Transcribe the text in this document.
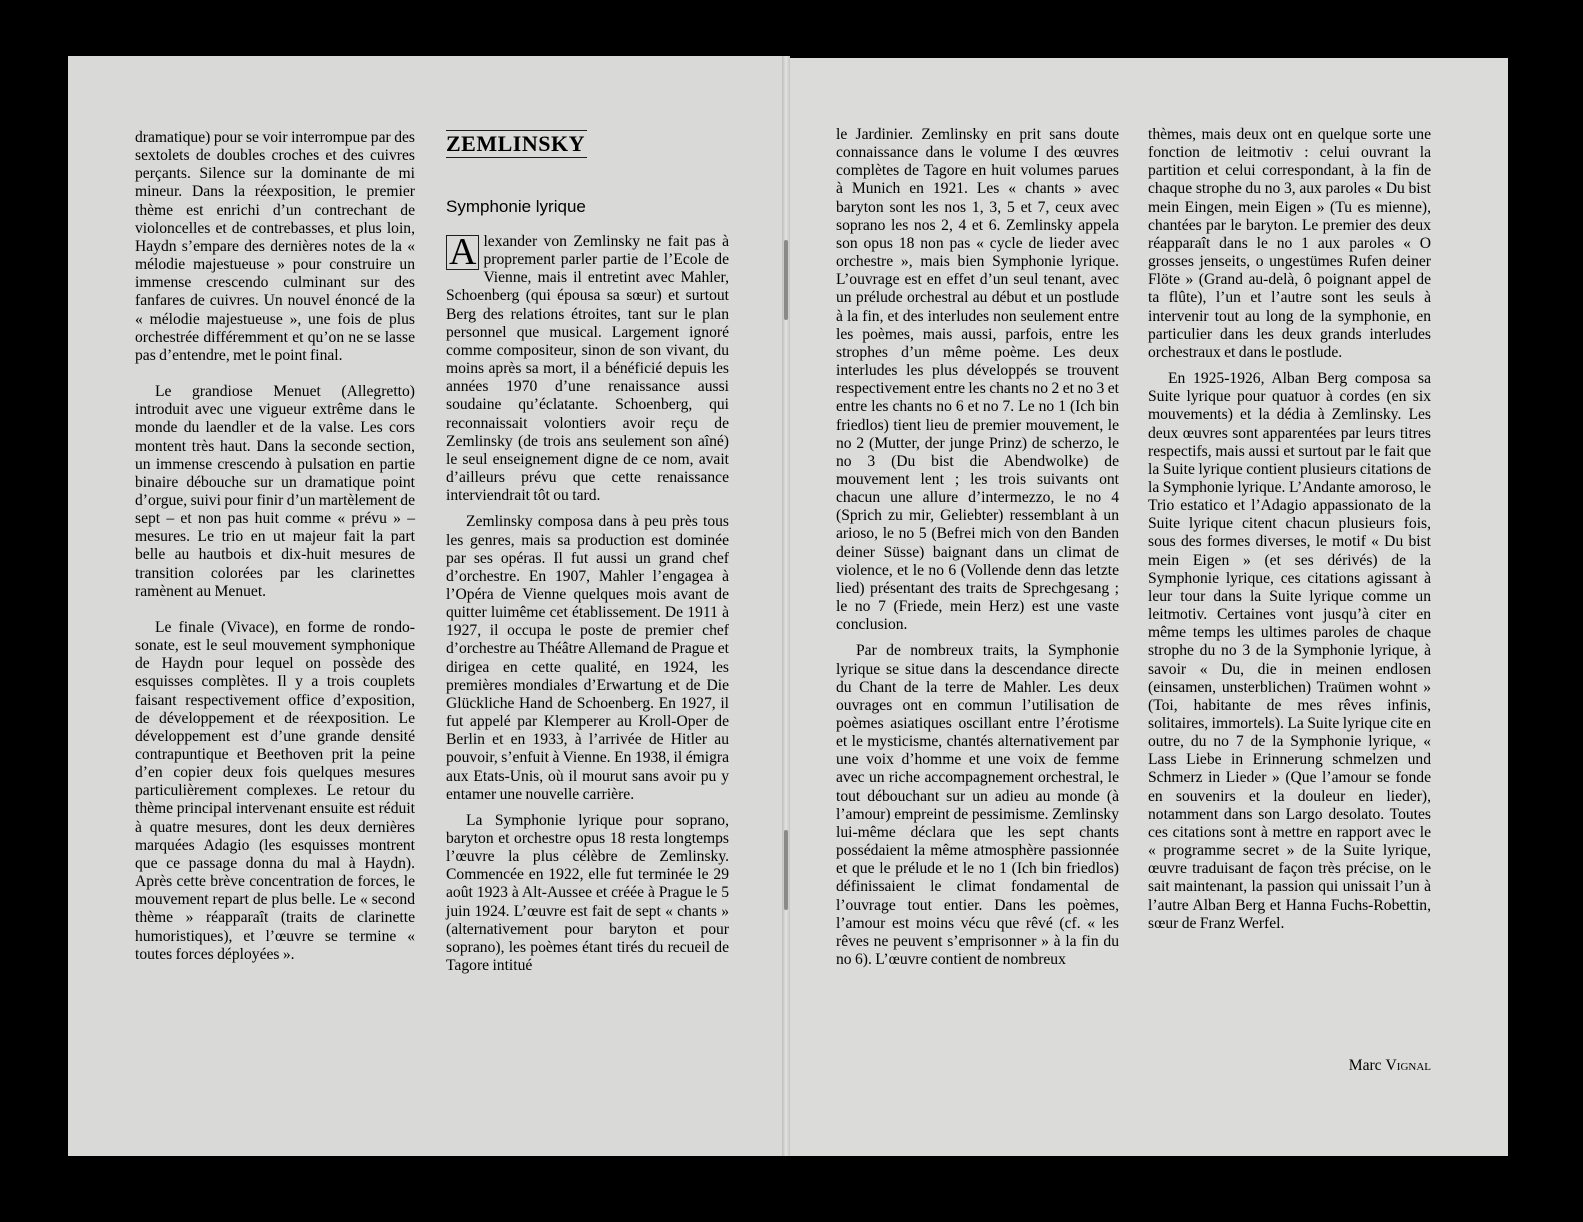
dramatique) pour se voir interrompue par des sextolets de doubles croches et des cuivres perçants. Silence sur la dominante de mi mineur. Dans la réexposition, le premier thème est enrichi d’un contrechant de violoncelles et de contrebasses, et plus loin, Haydn s’empare des dernières notes de la « mélodie majestueuse » pour construire un immense crescendo culminant sur des fanfares de cuivres. Un nouvel énoncé de la « mélodie majestueuse », une fois de plus orchestrée différemment et qu’on ne se lasse pas d’entendre, met le point final.

Le grandiose Menuet (Allegretto) introduit avec une vigueur extrême dans le monde du laendler et de la valse. Les cors montent très haut. Dans la seconde section, un immense crescendo à pulsation en partie binaire débouche sur un dramatique point d’orgue, suivi pour finir d’un martèlement de sept – et non pas huit comme « prévu » – mesures. Le trio en ut majeur fait la part belle au hautbois et dix-huit mesures de transition colorées par les clarinettes ramènent au Menuet.

Le finale (Vivace), en forme de rondo-sonate, est le seul mouvement symphonique de Haydn pour lequel on possède des esquisses complètes. Il y a trois couplets faisant respectivement office d’exposition, de développement et de réexposition. Le développement est d’une grande densité contrapuntique et Beethoven prit la peine d’en copier deux fois quelques mesures particulièrement complexes. Le retour du thème principal intervenant ensuite est réduit à quatre mesures, dont les deux dernières marquées Adagio (les esquisses montrent que ce passage donna du mal à Haydn). Après cette brève concentration de forces, le mouvement repart de plus belle. Le « second thème » réapparaît (traits de clarinette humoristiques), et l’œuvre se termine « toutes forces déployées ».

ZEMLINSKY
Symphonie lyrique

A lexander von Zemlinsky ne fait pas à proprement parler partie de l’Ecole de Vienne, mais il entretint avec Mahler, Schoenberg (qui épousa sa sœur) et surtout Berg des relations étroites, tant sur le plan personnel que musical. Largement ignoré comme compositeur, sinon de son vivant, du moins après sa mort, il a bénéficié depuis les années 1970 d’une renaissance aussi soudaine qu’éclatante. Schoenberg, qui reconnaissait volontiers avoir reçu de Zemlinsky (de trois ans seulement son aîné) le seul enseignement digne de ce nom, avait d’ailleurs prévu que cette renaissance interviendrait tôt ou tard.

Zemlinsky composa dans à peu près tous les genres, mais sa production est dominée par ses opéras. Il fut aussi un grand chef d’orchestre. En 1907, Mahler l’engagea à l’Opéra de Vienne quelques mois avant de quitter luimême cet établissement. De 1911 à 1927, il occupa le poste de premier chef d’orchestre au Théâtre Allemand de Prague et dirigea en cette qualité, en 1924, les premières mondiales d’Erwartung et de Die Glückliche Hand de Schoenberg. En 1927, il fut appelé par Klemperer au Kroll-Oper de Berlin et en 1933, à l’arrivée de Hitler au pouvoir, s’enfuit à Vienne. En 1938, il émigra aux Etats-Unis, où il mourut sans avoir pu y entamer une nouvelle carrière.

La Symphonie lyrique pour soprano, baryton et orchestre opus 18 resta longtemps l’œuvre la plus célèbre de Zemlinsky. Commencée en 1922, elle fut terminée le 29 août 1923 à Alt-Aussee et créée à Prague le 5 juin 1924. L’œuvre est fait de sept « chants » (alternativement pour baryton et pour soprano), les poèmes étant tirés du recueil de Tagore intitué

le Jardinier. Zemlinsky en prit sans doute connaissance dans le volume I des œuvres complètes de Tagore en huit volumes parues à Munich en 1921. Les « chants » avec baryton sont les nos 1, 3, 5 et 7, ceux avec soprano les nos 2, 4 et 6. Zemlinsky appela son opus 18 non pas « cycle de lieder avec orchestre », mais bien Symphonie lyrique. L’ouvrage est en effet d’un seul tenant, avec un prélude orchestral au début et un postlude à la fin, et des interludes non seulement entre les poèmes, mais aussi, parfois, entre les strophes d’un même poème. Les deux interludes les plus développés se trouvent respectivement entre les chants no 2 et no 3 et entre les chants no 6 et no 7. Le no 1 (Ich bin friedlos) tient lieu de premier mouvement, le no 2 (Mutter, der junge Prinz) de scherzo, le no 3 (Du bist die Abendwolke) de mouvement lent ; les trois suivants ont chacun une allure d’intermezzo, le no 4 (Sprich zu mir, Geliebter) ressemblant à un arioso, le no 5 (Befrei mich von den Banden deiner Süsse) baignant dans un climat de violence, et le no 6 (Vollende denn das letzte lied) présentant des traits de Sprechgesang ; le no 7 (Friede, mein Herz) est une vaste conclusion.

Par de nombreux traits, la Symphonie lyrique se situe dans la descendance directe du Chant de la terre de Mahler. Les deux ouvrages ont en commun l’utilisation de poèmes asiatiques oscillant entre l’érotisme et le mysticisme, chantés alternativement par une voix d’homme et une voix de femme avec un riche accompagnement orchestral, le tout débouchant sur un adieu au monde (à l’amour) empreint de pessimisme. Zemlinsky lui-même déclara que les sept chants possédaient la même atmosphère passionnée et que le prélude et le no 1 (Ich bin friedlos) définissaient le climat fondamental de l’ouvrage tout entier. Dans les poèmes, l’amour est moins vécu que rêvé (cf. « les rêves ne peuvent s’emprisonner » à la fin du no 6). L’œuvre contient de nombreux

thèmes, mais deux ont en quelque sorte une fonction de leitmotiv : celui ouvrant la partition et celui correspondant, à la fin de chaque strophe du no 3, aux paroles « Du bist mein Eingen, mein Eigen » (Tu es mienne), chantées par le baryton. Le premier des deux réapparaît dans le no 1 aux paroles « O grosses jenseits, o ungestümes Rufen deiner Flöte » (Grand au-delà, ô poignant appel de ta flûte), l’un et l’autre sont les seuls à intervenir tout au long de la symphonie, en particulier dans les deux grands interludes orchestraux et dans le postlude.

En 1925-1926, Alban Berg composa sa Suite lyrique pour quatuor à cordes (en six mouvements) et la dédia à Zemlinsky. Les deux œuvres sont apparentées par leurs titres respectifs, mais aussi et surtout par le fait que la Suite lyrique contient plusieurs citations de la Symphonie lyrique. L’Andante amoroso, le Trio estatico et l’Adagio appassionato de la Suite lyrique citent chacun plusieurs fois, sous des formes diverses, le motif « Du bist mein Eigen » (et ses dérivés) de la Symphonie lyrique, ces citations agissant à leur tour dans la Suite lyrique comme un leitmotiv. Certaines vont jusqu’à citer en même temps les ultimes paroles de chaque strophe du no 3 de la Symphonie lyrique, à savoir « Du, die in meinen endlosen (einsamen, unsterblichen) Traümen wohnt » (Toi, habitante de mes rêves infinis, solitaires, immortels). La Suite lyrique cite en outre, du no 7 de la Symphonie lyrique, « Lass Liebe in Erinnerung schmelzen und Schmerz in Lieder » (Que l’amour se fonde en souvenirs et la douleur en lieder), notamment dans son Largo desolato. Toutes ces citations sont à mettre en rapport avec le « programme secret » de la Suite lyrique, œuvre traduisant de façon très précise, on le sait maintenant, la passion qui unissait l’un à l’autre Alban Berg et Hanna Fuchs-Robettin, sœur de Franz Werfel.

Marc Vignal
